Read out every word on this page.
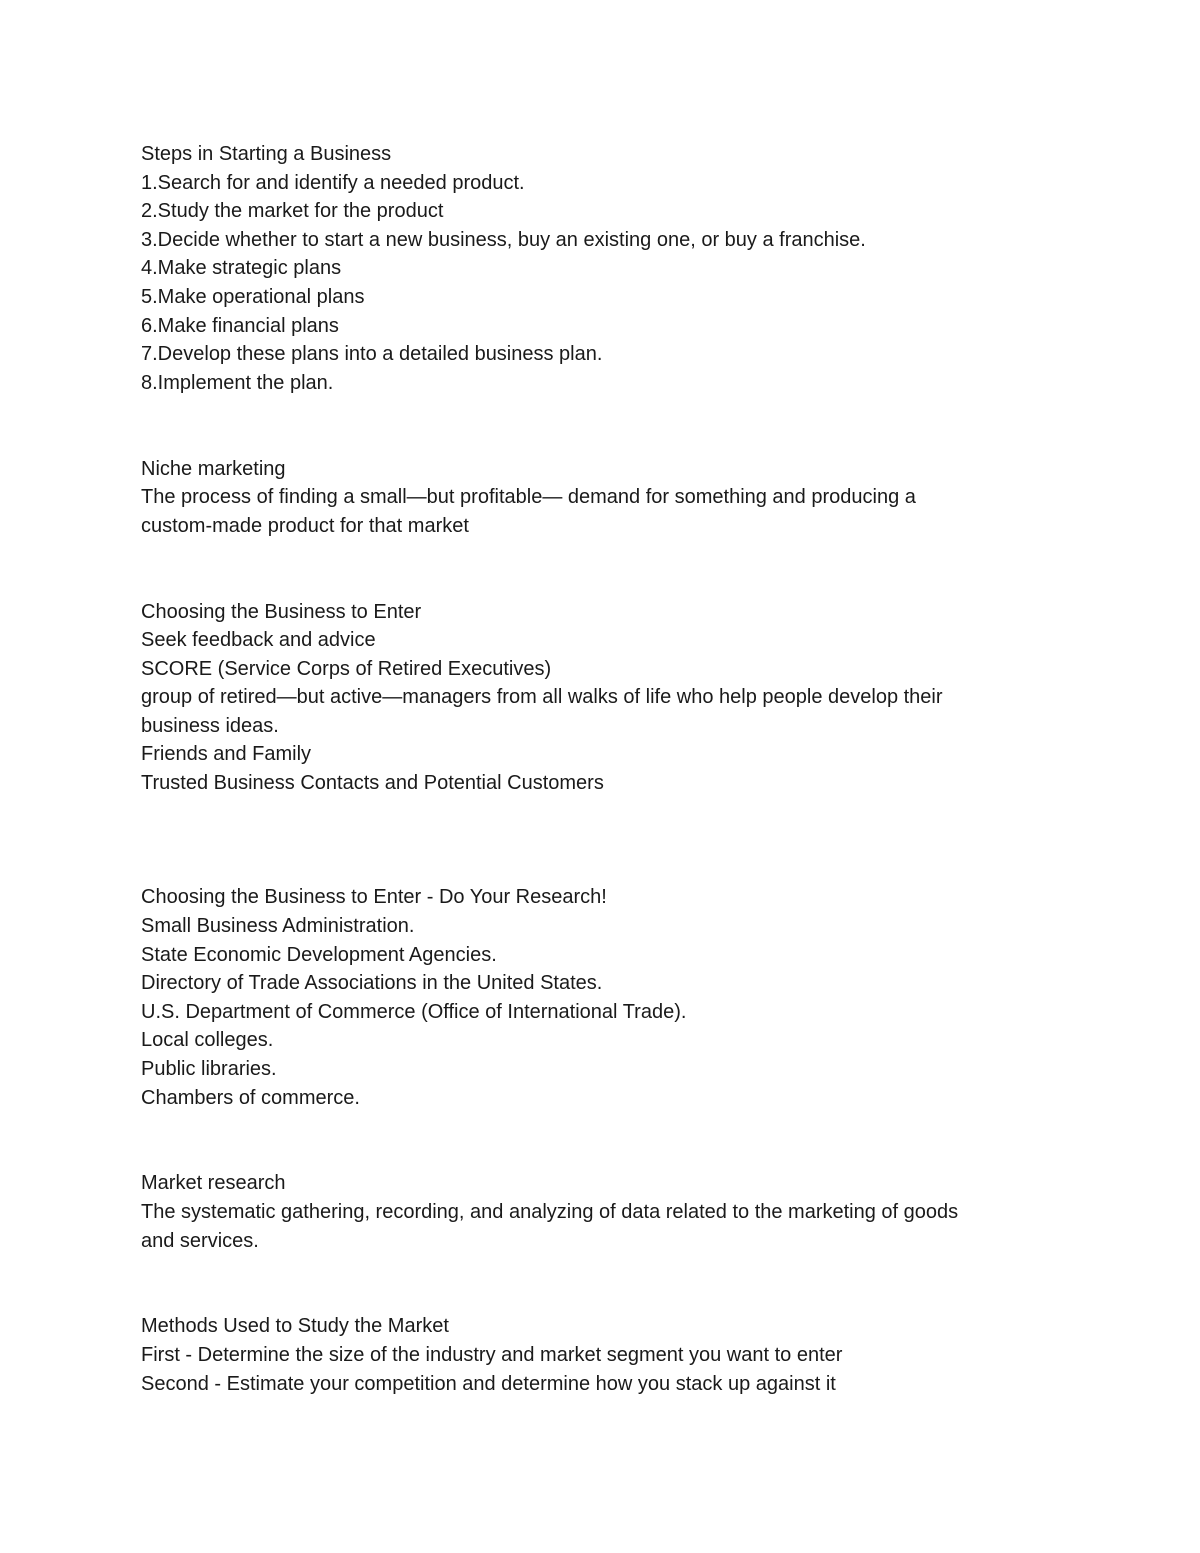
Steps in Starting a Business
1.Search for and identify a needed product.
2.Study the market for the product
3.Decide whether to start a new business, buy an existing one, or buy a franchise.
4.Make strategic plans
5.Make operational plans
6.Make financial plans
7.Develop these plans into a detailed business plan.
8.Implement the plan.
Niche marketing
The process of finding a small—but profitable— demand for something and producing a
custom-made product for that market
Choosing the Business to Enter
Seek feedback and advice
SCORE (Service Corps of Retired Executives)
group of retired—but active—managers from all walks of life who help people develop their
business ideas.
Friends and Family
Trusted Business Contacts and Potential Customers
Choosing the Business to Enter - Do Your Research!
Small Business Administration.
State Economic Development Agencies.
Directory of Trade Associations in the United States.
U.S. Department of Commerce (Office of International Trade).
Local colleges.
Public libraries.
Chambers of commerce.
Market research
The systematic gathering, recording, and analyzing of data related to the marketing of goods
and services.
Methods Used to Study the Market
First - Determine the size of the industry and market segment you want to enter
Second - Estimate your competition and determine how you stack up against it
